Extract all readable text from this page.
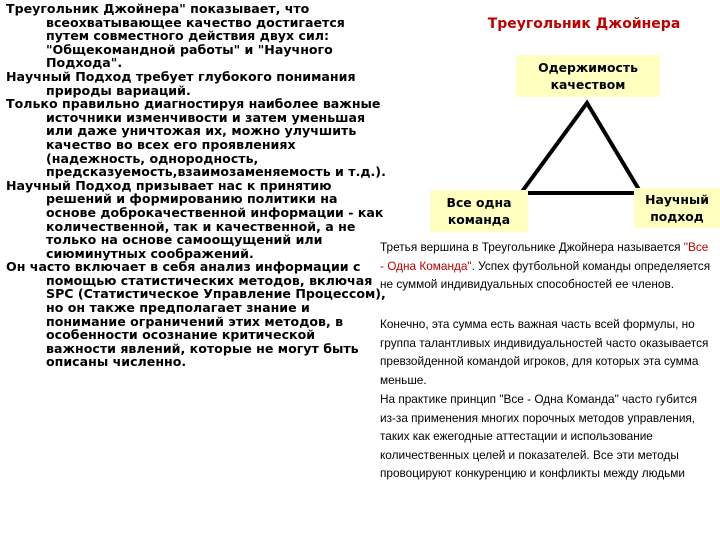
Треугольник Джойнера" показывает, что всеохватывающее качество достигается путем совместного действия двух сил: "Общекомандной работы" и "Научного Подхода".

Научный Подход требует глубокого понимания природы вариаций.

Только правильно диагностируя наиболее важные источники изменчивости и затем уменьшая или даже уничтожая их, можно улучшить качество во всех его проявлениях (надежность, однородность, предсказуемость,взаимозаменяемость и т.д.).

Научный Подход призывает нас к принятию решений и формированию политики на основе доброкачественной информации - как количественной, так и качественной, а не только на основе самоощущений или сиюминутных соображений.

Он часто включает в себя анализ информации с помощью статистических методов, включая SPC (Статистическое Управление Процессом), но он также предполагает знание и понимание ограничений этих методов, в особенности осознание критической важности явлений, которые не могут быть описаны численно.

Треугольник Джойнера
Одержимость
качеством
Все одна
команда
Научный
подход
Третья вершина в Треугольнике Джойнера называется "Все - Одна Команда". Успех футбольной команды определяется не суммой индивидуальных способностей ее членов.
Конечно, эта сумма есть важная часть всей формулы, но группа талантливых индивидуальностей часто оказывается превзойденной командой игроков, для которых эта сумма меньше.
На практике принцип "Все - Одна Команда" часто губится из-за применения многих порочных методов управления, таких как ежегодные аттестации и использование количественных целей и показателей. Все эти методы провоцируют конкуренцию и конфликты между людьми
